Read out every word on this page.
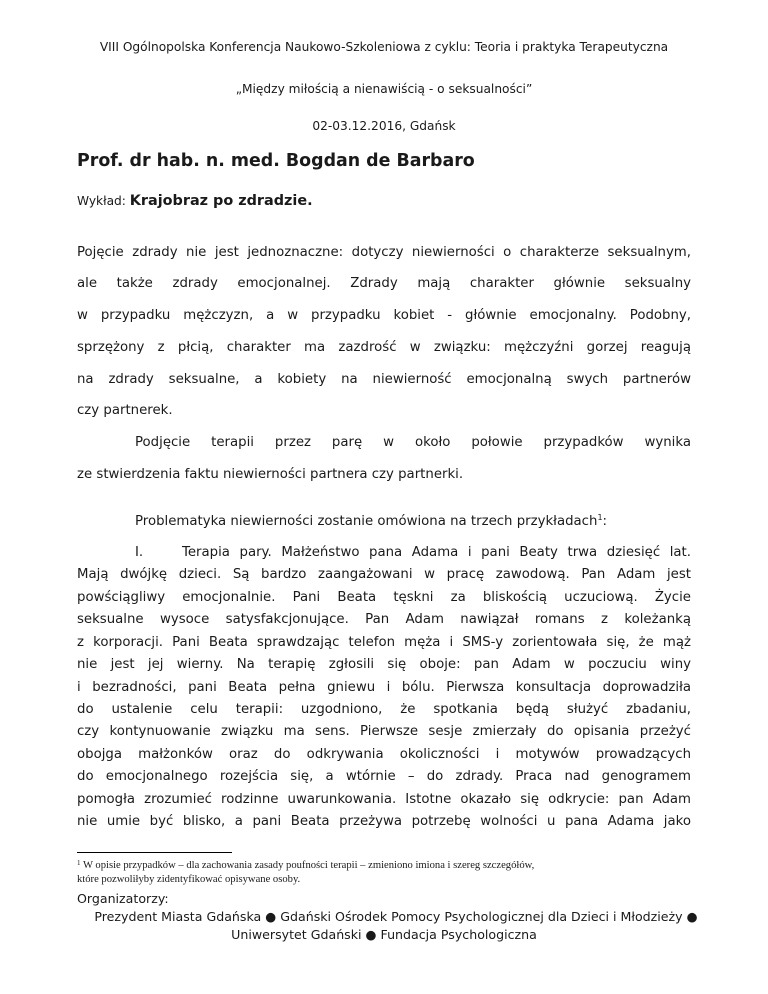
VIII Ogólnopolska Konferencja Naukowo-Szkoleniowa z cyklu: Teoria i praktyka Terapeutyczna
„Między miłością a nienawiścią - o seksualności”
02-03.12.2016, Gdańsk
Prof. dr hab. n. med. Bogdan de Barbaro
Wykład: Krajobraz po zdradzie.
Pojęcie zdrady nie jest jednoznaczne: dotyczy niewierności o charakterze seksualnym,
ale także zdrady emocjonalnej. Zdrady mają charakter głównie seksualny
w przypadku mężczyzn, a w przypadku kobiet - głównie emocjonalny. Podobny,
sprzężony z płcią, charakter ma zazdrość w związku: mężczyźni gorzej reagują
na zdrady seksualne, a kobiety na niewierność emocjonalną swych partnerów
czy partnerek.
Podjęcie terapii przez parę w około połowie przypadków wynika
ze stwierdzenia faktu niewierności partnera czy partnerki.
Problematyka niewierności zostanie omówiona na trzech przykładach$^1$:
I.	Terapia pary. Małżeństwo pana Adama i pani Beaty trwa dziesięć lat.
Mają dwójkę dzieci. Są bardzo zaangażowani w pracę zawodową. Pan Adam jest
powściągliwy emocjonalnie. Pani Beata tęskni za bliskością uczuciową. Życie
seksualne wysoce satysfakcjonujące. Pan Adam nawiązał romans z koleżanką
z korporacji. Pani Beata sprawdzając telefon męża i SMS-y zorientowała się, że mąż
nie jest jej wierny. Na terapię zgłosili się oboje: pan Adam w poczuciu winy
i bezradności, pani Beata pełna gniewu i bólu. Pierwsza konsultacja doprowadziła
do ustalenie celu terapii: uzgodniono, że spotkania będą służyć zbadaniu,
czy kontynuowanie związku ma sens. Pierwsze sesje zmierzały do opisania przeżyć
obojga małżonków oraz do odkrywania okoliczności i motywów prowadzących
do emocjonalnego rozejścia się, a wtórnie – do zdrady. Praca nad genogramem
pomogła zrozumieć rodzinne uwarunkowania. Istotne okazało się odkrycie: pan Adam
nie umie być blisko, a pani Beata przeżywa potrzebę wolności u pana Adama jako
$^1$ W opisie przypadków – dla zachowania zasady poufności terapii – zmieniono imiona i szereg szczegółów,
które pozwoliłyby zidentyfikować opisywane osoby.
Organizatorzy:
Prezydent Miasta Gdańska ● Gdański Ośrodek Pomocy Psychologicznej dla Dzieci i Młodzieży ●
Uniwersytet Gdański ● Fundacja Psychologiczna
